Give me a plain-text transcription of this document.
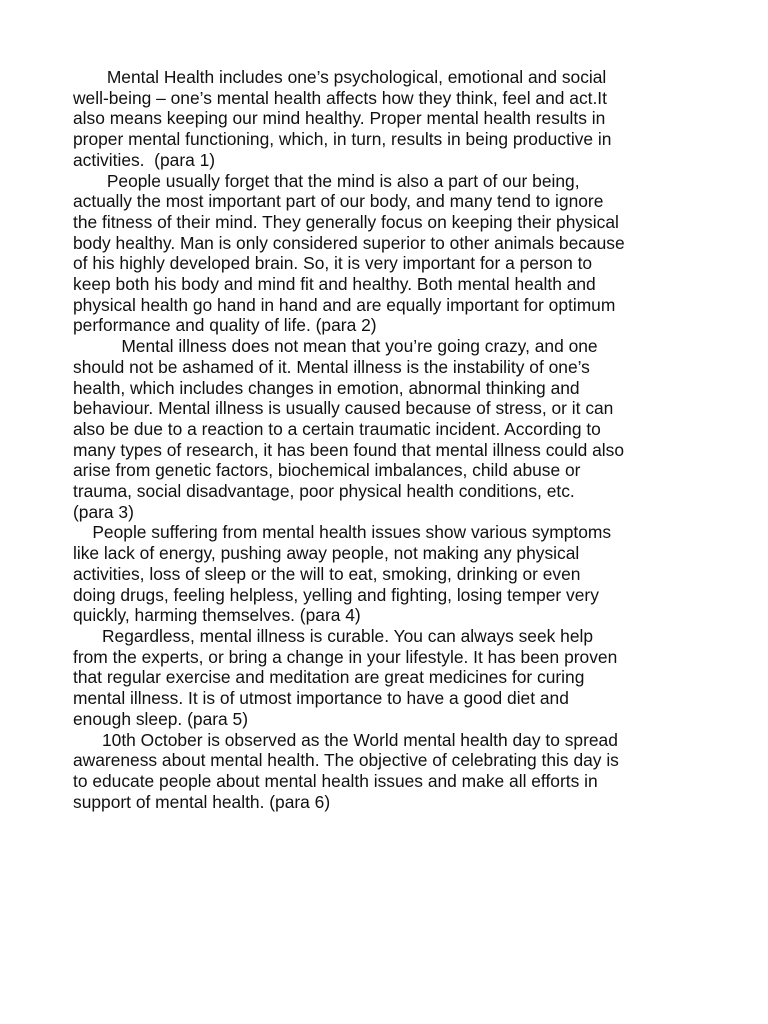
Mental Health includes one’s psychological, emotional and social
well-being – one’s mental health affects how they think, feel and act.It
also means keeping our mind healthy. Proper mental health results in
proper mental functioning, which, in turn, results in being productive in
activities.  (para 1)
People usually forget that the mind is also a part of our being,
actually the most important part of our body, and many tend to ignore
the fitness of their mind. They generally focus on keeping their physical
body healthy. Man is only considered superior to other animals because
of his highly developed brain. So, it is very important for a person to
keep both his body and mind fit and healthy. Both mental health and
physical health go hand in hand and are equally important for optimum
performance and quality of life. (para 2)
Mental illness does not mean that you’re going crazy, and one
should not be ashamed of it. Mental illness is the instability of one’s
health, which includes changes in emotion, abnormal thinking and
behaviour. Mental illness is usually caused because of stress, or it can
also be due to a reaction to a certain traumatic incident. According to
many types of research, it has been found that mental illness could also
arise from genetic factors, biochemical imbalances, child abuse or
trauma, social disadvantage, poor physical health conditions, etc.
(para 3)
People suffering from mental health issues show various symptoms
like lack of energy, pushing away people, not making any physical
activities, loss of sleep or the will to eat, smoking, drinking or even
doing drugs, feeling helpless, yelling and fighting, losing temper very
quickly, harming themselves. (para 4)
Regardless, mental illness is curable. You can always seek help
from the experts, or bring a change in your lifestyle. It has been proven
that regular exercise and meditation are great medicines for curing
mental illness. It is of utmost importance to have a good diet and
enough sleep. (para 5)
10th October is observed as the World mental health day to spread
awareness about mental health. The objective of celebrating this day is
to educate people about mental health issues and make all efforts in
support of mental health. (para 6)
